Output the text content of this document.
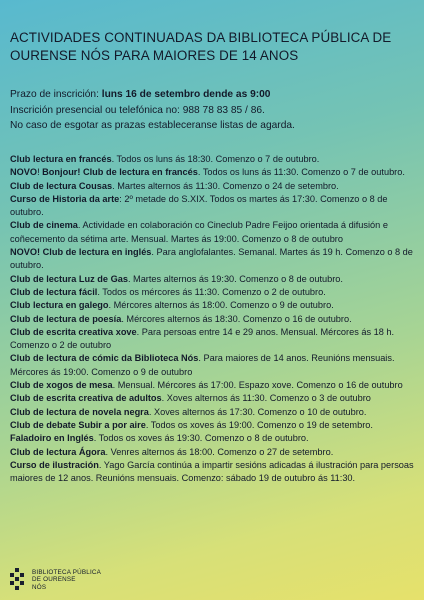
ACTIVIDADES CONTINUADAS DA BIBLIOTECA PÚBLICA DE OURENSE NÓS PARA MAIORES DE 14 ANOS
Prazo de inscrición: luns 16 de setembro dende as 9:00
Inscrición presencial ou telefónica no: 988 78 83 85 / 86.
No caso de esgotar as prazas estableceranse listas de agarda.

Club lectura en francés. Todos os luns ás 18:30. Comenzo o 7 de outubro.

NOVO! Bonjour! Club de lectura en francés. Todos os luns ás 11:30. Comenzo o 7 de outubro.

Club de lectura Cousas. Martes alternos ás 11:30. Comenzo o 24 de setembro.

Curso de Historia da arte: 2º metade do S.XIX. Todos os martes ás 17:30. Comenzo o 8 de outubro.

Club de cinema. Actividade en colaboración co Cineclub Padre Feijoo orientada á difusión e coñecemento da sétima arte. Mensual. Martes ás 19:00. Comenzo o 8 de outubro

NOVO! Club de lectura en inglés. Para anglofalantes. Semanal. Martes ás 19 h. Comenzo o 8 de outubro.

Club de lectura Luz de Gas. Martes alternos ás 19:30. Comenzo o 8 de outubro.

Club de lectura fácil. Todos os mércores ás 11:30. Comenzo o 2 de outubro.

Club lectura en galego. Mércores alternos ás 18:00. Comenzo o 9 de outubro.

Club de lectura de poesía. Mércores alternos ás 18:30. Comenzo o 16 de outubro.

Club de escrita creativa xove. Para persoas entre 14 e 29 anos. Mensual. Mércores ás 18 h. Comenzo o 2 de outubro

Club de lectura de cómic da Biblioteca Nós. Para maiores de 14 anos. Reunións mensuais. Mércores ás 19:00. Comenzo o 9 de outubro

Club de xogos de mesa. Mensual. Mércores ás 17:00. Espazo xove. Comenzo o 16 de outubro

Club de escrita creativa de adultos. Xoves alternos ás 11:30. Comenzo o 3 de outubro

Club de lectura de novela negra. Xoves alternos ás 17:30. Comenzo o 10 de outubro.

Club de debate Subir a por aire. Todos os xoves ás 19:00. Comenzo o 19 de setembro.

Faladoiro en Inglés. Todos os xoves ás 19:30. Comenzo o 8 de outubro.

Club de lectura Ágora. Venres alternos ás 18:00. Comenzo o 27 de setembro.

Curso de ilustración. Yago García continúa a impartir sesións adicadas á ilustración para persoas maiores de 12 anos. Reunións mensuais. Comenzo: sábado 19 de outubro ás 11:30.

BIBLIOTECA PÚBLICA
DE OURENSE
NÓS
